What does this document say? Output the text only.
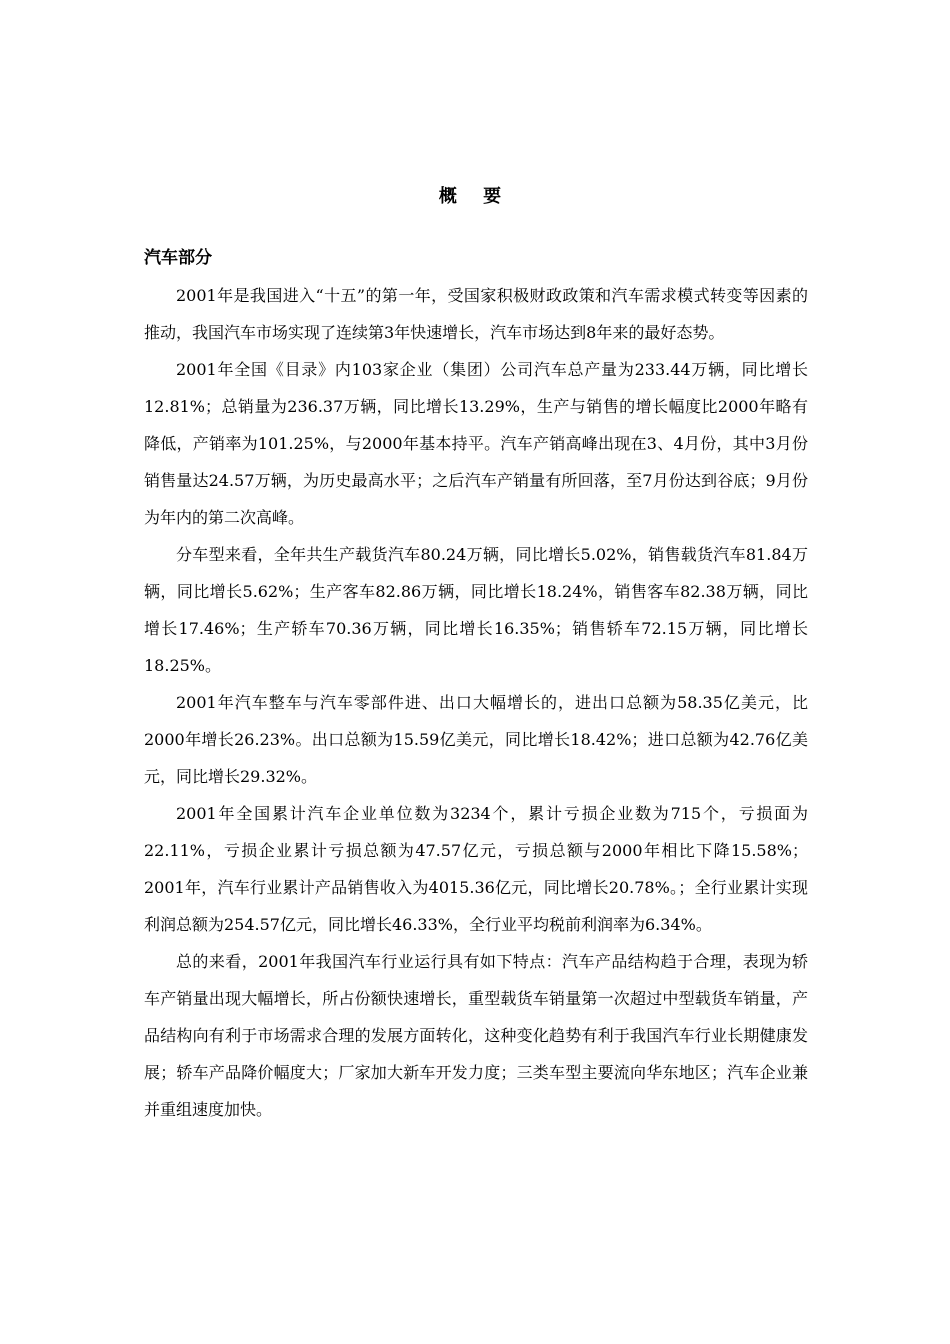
概 要
汽车部分

2001年是我国进入“十五”的第一年，受国家积极财政政策和汽车需求模式转变等因素的推动，我国汽车市场实现了连续第3年快速增长，汽车市场达到8年来的最好态势。

2001年全国《目录》内103家企业（集团）公司汽车总产量为233.44万辆，同比增长12.81%；总销量为236.37万辆，同比增长13.29%，生产与销售的增长幅度比2000年略有降低，产销率为101.25%，与2000年基本持平。汽车产销高峰出现在3、4月份，其中3月份销售量达24.57万辆，为历史最高水平；之后汽车产销量有所回落，至7月份达到谷底；9月份为年内的第二次高峰。

分车型来看，全年共生产载货汽车80.24万辆，同比增长5.02%，销售载货汽车81.84万辆，同比增长5.62%；生产客车82.86万辆，同比增长18.24%，销售客车82.38万辆，同比增长17.46%；生产轿车70.36万辆，同比增长16.35%；销售轿车72.15万辆，同比增长18.25%。

2001年汽车整车与汽车零部件进、出口大幅增长的，进出口总额为58.35亿美元，比2000年增长26.23%。出口总额为15.59亿美元，同比增长18.42%；进口总额为42.76亿美元，同比增长29.32%。

2001年全国累计汽车企业单位数为3234个，累计亏损企业数为715个，亏损面为22.11%，亏损企业累计亏损总额为47.57亿元，亏损总额与2000年相比下降15.58%；2001年，汽车行业累计产品销售收入为4015.36亿元，同比增长20.78%。；全行业累计实现利润总额为254.57亿元，同比增长46.33%，全行业平均税前利润率为6.34%。

总的来看，2001年我国汽车行业运行具有如下特点：汽车产品结构趋于合理，表现为轿车产销量出现大幅增长，所占份额快速增长，重型载货车销量第一次超过中型载货车销量，产品结构向有利于市场需求合理的发展方面转化，这种变化趋势有利于我国汽车行业长期健康发展；轿车产品降价幅度大；厂家加大新车开发力度；三类车型主要流向华东地区；汽车企业兼并重组速度加快。
